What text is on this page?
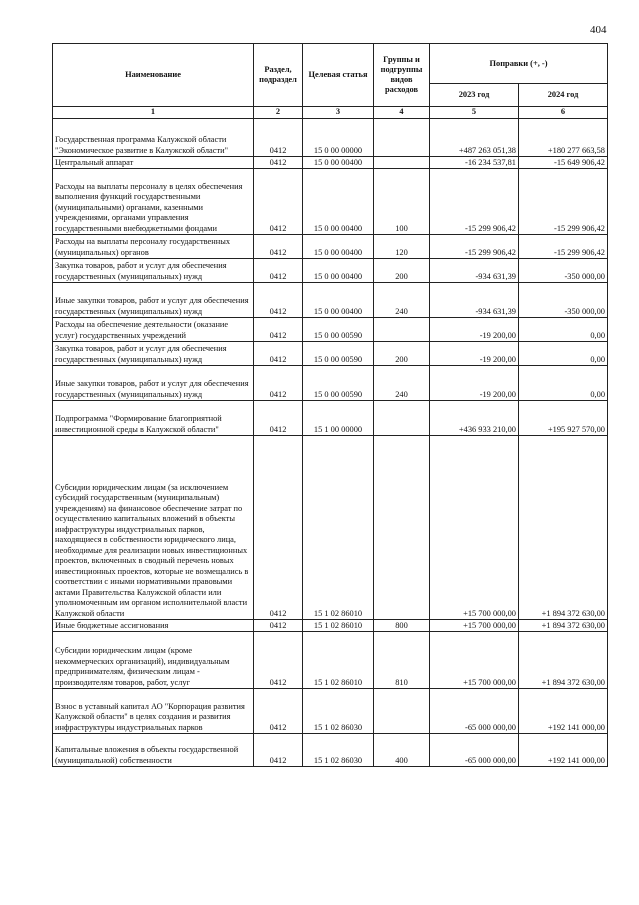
404
Наименование	Раздел, подраздел	Целевая статья	Группы и подгруппы видов расходов	Поправки (+, -)	
				2023 год	2024 год
1	2	3	4	5	6
Государственная программа Калужской области "Экономическое развитие в Калужской области"	0412	15 0 00 00000		+487 263 051,38	+180 277 663,58
Центральный аппарат	0412	15 0 00 00400		-16 234 537,81	-15 649 906,42
Расходы на выплаты персоналу в целях обеспечения выполнения функций государственными (муниципальными) органами, казенными учреждениями, органами управления государственными внебюджетными фондами	0412	15 0 00 00400	100	-15 299 906,42	-15 299 906,42
Расходы на выплаты персоналу государственных (муниципальных) органов	0412	15 0 00 00400	120	-15 299 906,42	-15 299 906,42
Закупка товаров, работ и услуг для обеспечения государственных (муниципальных) нужд	0412	15 0 00 00400	200	-934 631,39	-350 000,00
Иные закупки товаров, работ и услуг для обеспечения государственных (муниципальных) нужд	0412	15 0 00 00400	240	-934 631,39	-350 000,00
Расходы на обеспечение деятельности (оказание услуг) государственных учреждений	0412	15 0 00 00590		-19 200,00	0,00
Закупка товаров, работ и услуг для обеспечения государственных (муниципальных) нужд	0412	15 0 00 00590	200	-19 200,00	0,00
Иные закупки товаров, работ и услуг для обеспечения государственных (муниципальных) нужд	0412	15 0 00 00590	240	-19 200,00	0,00
Подпрограмма "Формирование благоприятной инвестиционной среды в Калужской области"	0412	15 1 00 00000		+436 933 210,00	+195 927 570,00
Субсидии юридическим лицам (за исключением субсидий государственным (муниципальным) учреждениям) на финансовое обеспечение затрат по осуществлению капитальных вложений в объекты инфраструктуры индустриальных парков, находящиеся в собственности юридического лица, необходимые для реализации новых инвестиционных проектов, включенных в сводный перечень новых инвестиционных проектов, которые не возмещались в соответствии с иными нормативными правовыми актами Правительства Калужской области или уполномоченным им органом исполнительной власти Калужской области	0412	15 1 02 86010		+15 700 000,00	+1 894 372 630,00
Иные бюджетные ассигнования	0412	15 1 02 86010	800	+15 700 000,00	+1 894 372 630,00
Субсидии юридическим лицам (кроме некоммерческих организаций), индивидуальным предпринимателям, физическим лицам - производителям товаров, работ, услуг	0412	15 1 02 86010	810	+15 700 000,00	+1 894 372 630,00
Взнос в уставный капитал АО "Корпорация развития Калужской области" в целях создания и развития инфраструктуры индустриальных парков	0412	15 1 02 86030		-65 000 000,00	+192 141 000,00
Капитальные вложения в объекты государственной (муниципальной) собственности	0412	15 1 02 86030	400	-65 000 000,00	+192 141 000,00
